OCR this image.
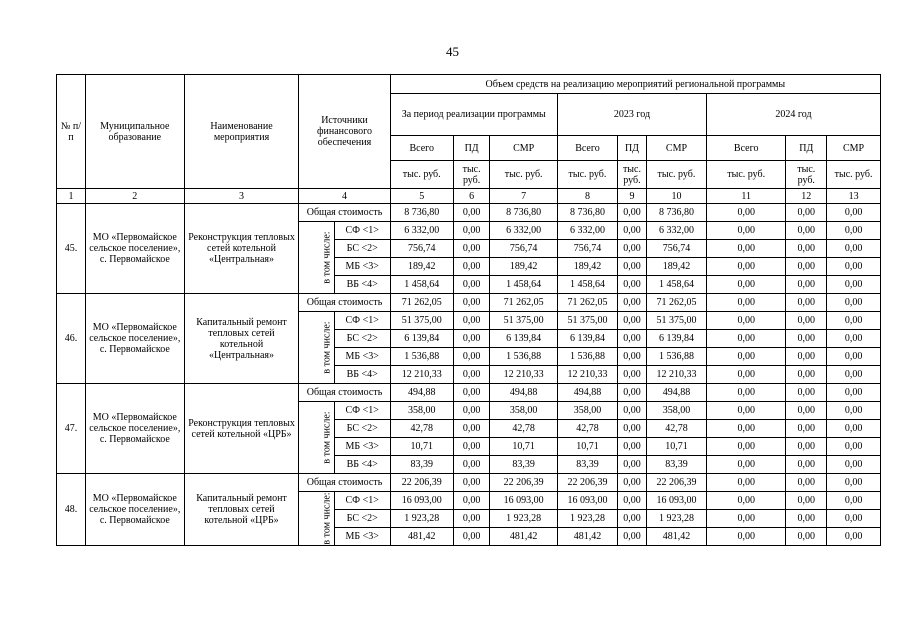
45
№ п/п	Муниципальное образование	Наименование мероприятия	Источники финансового обеспечения		Объем средств на реализацию мероприятий региональной программы								
					За период реализации программы			2023 год			2024 год		
					Всего	ПД	СМР	Всего	ПД	СМР	Всего	ПД	СМР
					тыс. руб.	тыс. руб.	тыс. руб.	тыс. руб.	тыс. руб.	тыс. руб.	тыс. руб.	тыс. руб.	тыс. руб.
1	2	3	4		5	6	7	8	9	10	11	12	13
45.	МО «Первомайское сельское поселение», с. Первомайское	Реконструкция тепловых сетей котельной «Центральная»	Общая стоимость		8 736,80	0,00	8 736,80	8 736,80	0,00	8 736,80	0,00	0,00	0,00
			в том числе:	СФ <1>	6 332,00	0,00	6 332,00	6 332,00	0,00	6 332,00	0,00	0,00	0,00
				БС <2>	756,74	0,00	756,74	756,74	0,00	756,74	0,00	0,00	0,00
				МБ <3>	189,42	0,00	189,42	189,42	0,00	189,42	0,00	0,00	0,00
				ВБ <4>	1 458,64	0,00	1 458,64	1 458,64	0,00	1 458,64	0,00	0,00	0,00
46.	МО «Первомайское сельское поселение», с. Первомайское	Капитальный ремонт тепловых сетей котельной «Центральная»	Общая стоимость		71 262,05	0,00	71 262,05	71 262,05	0,00	71 262,05	0,00	0,00	0,00
			в том числе:	СФ <1>	51 375,00	0,00	51 375,00	51 375,00	0,00	51 375,00	0,00	0,00	0,00
				БС <2>	6 139,84	0,00	6 139,84	6 139,84	0,00	6 139,84	0,00	0,00	0,00
				МБ <3>	1 536,88	0,00	1 536,88	1 536,88	0,00	1 536,88	0,00	0,00	0,00
				ВБ <4>	12 210,33	0,00	12 210,33	12 210,33	0,00	12 210,33	0,00	0,00	0,00
47.	МО «Первомайское сельское поселение», с. Первомайское	Реконструкция тепловых сетей котельной «ЦРБ»	Общая стоимость		494,88	0,00	494,88	494,88	0,00	494,88	0,00	0,00	0,00
			в том числе:	СФ <1>	358,00	0,00	358,00	358,00	0,00	358,00	0,00	0,00	0,00
				БС <2>	42,78	0,00	42,78	42,78	0,00	42,78	0,00	0,00	0,00
				МБ <3>	10,71	0,00	10,71	10,71	0,00	10,71	0,00	0,00	0,00
				ВБ <4>	83,39	0,00	83,39	83,39	0,00	83,39	0,00	0,00	0,00
48.	МО «Первомайское сельское поселение», с. Первомайское	Капитальный ремонт тепловых сетей котельной «ЦРБ»	Общая стоимость		22 206,39	0,00	22 206,39	22 206,39	0,00	22 206,39	0,00	0,00	0,00
			в том числе:	СФ <1>	16 093,00	0,00	16 093,00	16 093,00	0,00	16 093,00	0,00	0,00	0,00
				БС <2>	1 923,28	0,00	1 923,28	1 923,28	0,00	1 923,28	0,00	0,00	0,00
				МБ <3>	481,42	0,00	481,42	481,42	0,00	481,42	0,00	0,00	0,00
